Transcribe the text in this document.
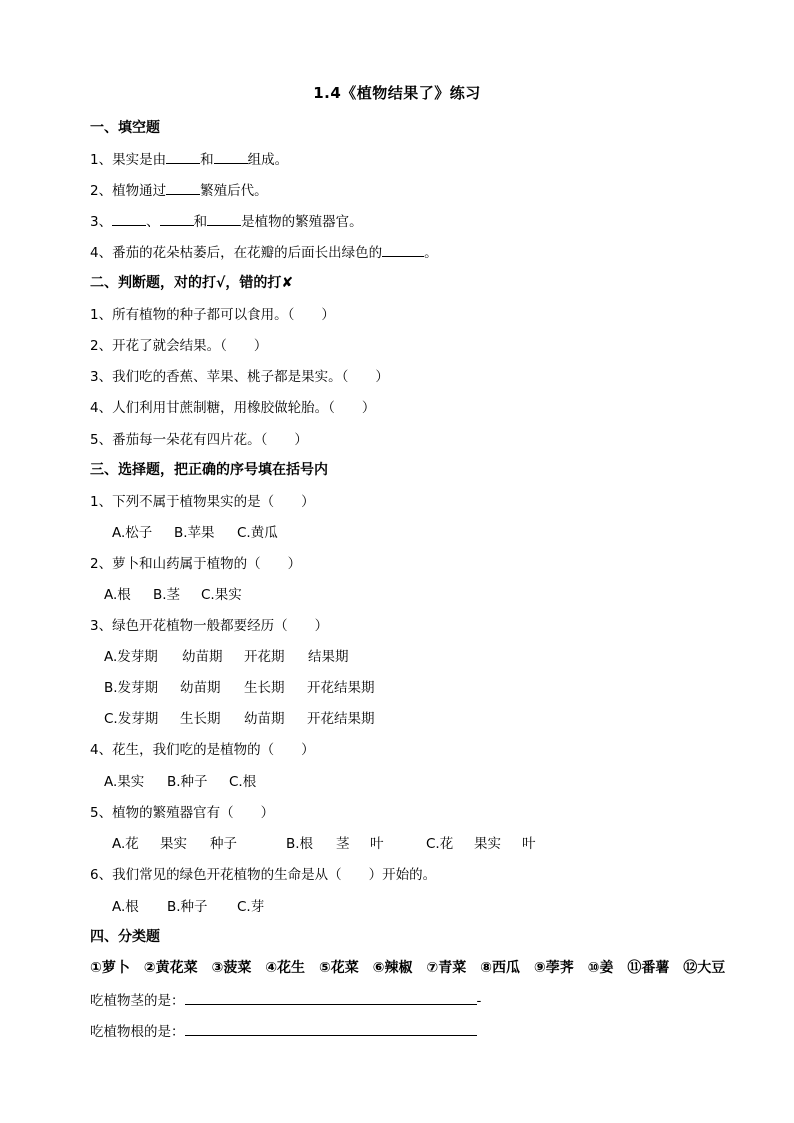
1.4《植物结果了》练习
一、填空题
1、果实是由	和	组成。
2、植物通过	繁殖后代。
3、	、	和	是植物的繁殖器官。
4、番茄的花朵枯萎后，在花瓣的后面长出绿色的	。
二、判断题，对的打√，错的打✘
1、所有植物的种子都可以食用。（　　）
2、开花了就会结果。（　　）
3、我们吃的香蕉、苹果、桃子都是果实。（　　）
4、人们利用甘蔗制糖，用橡胶做轮胎。（　　）
5、番茄每一朵花有四片花。（　　）
三、选择题，把正确的序号填在括号内
1、下列不属于植物果实的是（　　）
A.松子 B.苹果 C.黄瓜
2、萝卜和山药属于植物的（　　）
A.根 B.茎 C.果实
3、绿色开花植物一般都要经历（　　）
A.发芽期 幼苗期 开花期 结果期
B.发芽期 幼苗期 生长期 开花结果期
C.发芽期 生长期 幼苗期 开花结果期
4、花生，我们吃的是植物的（　　）
A.果实 B.种子 C.根
5、植物的繁殖器官有（　　）
A.花 果实 种子	B.根 茎 叶	C.花 果实 叶
6、我们常见的绿色开花植物的生命是从（　　）开始的。
A.根 B.种子 C.芽
四、分类题
①萝卜 ②黄花菜 ③菠菜 ④花生 ⑤花菜 ⑥辣椒 ⑦青菜 ⑧西瓜 ⑨荸荠 ⑩姜 ⑪番薯 ⑫大豆
吃植物茎的是：	-
吃植物根的是：
